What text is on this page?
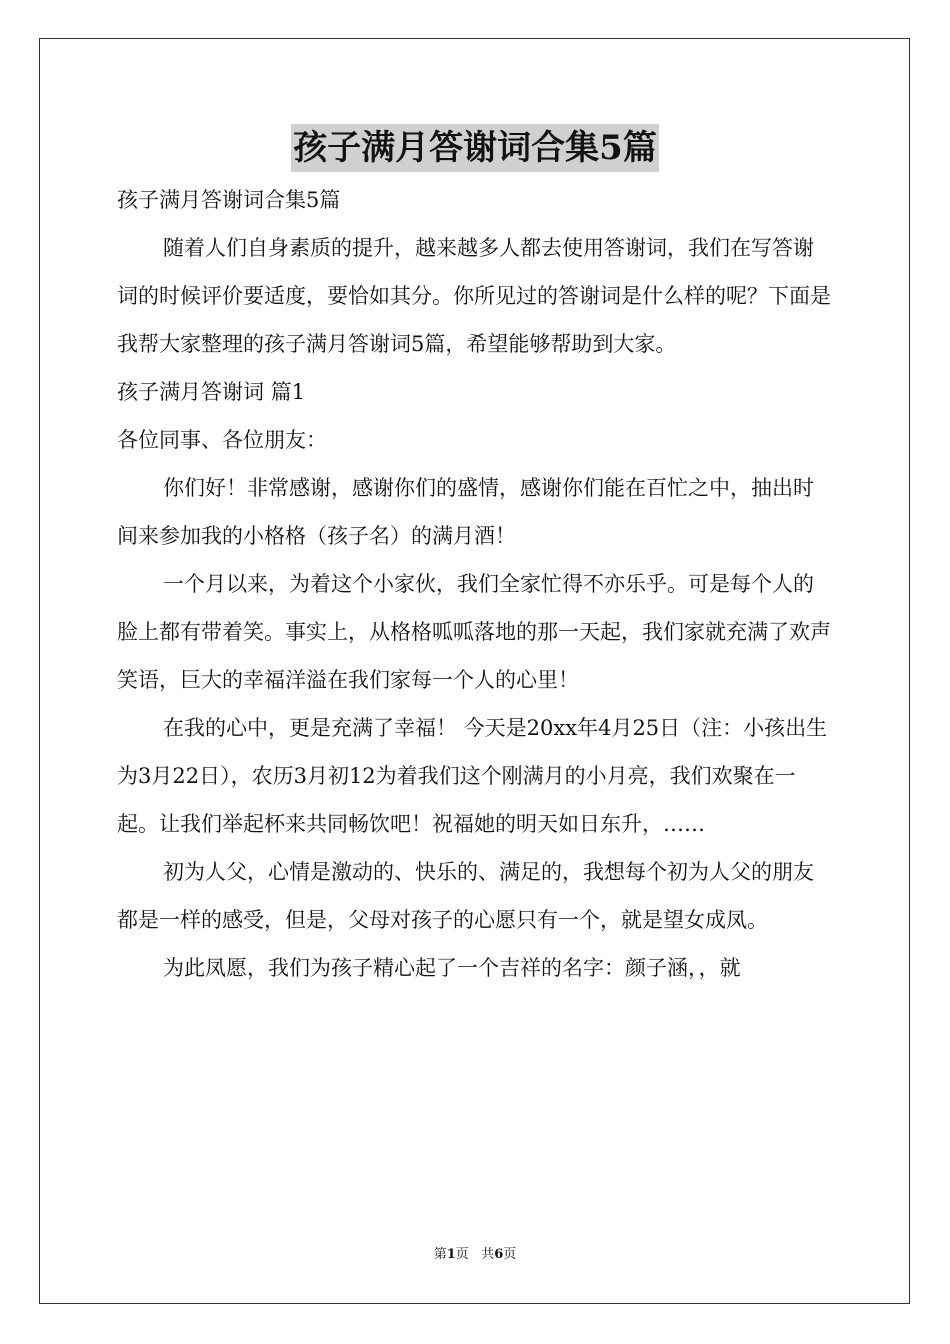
孩子满月答谢词合集5篇

孩子满月答谢词合集5篇

随着人们自身素质的提升，越来越多人都去使用答谢词，我们在写答谢词的时候评价要适度，要恰如其分。你所见过的答谢词是什么样的呢？下面是我帮大家整理的孩子满月答谢词5篇，希望能够帮助到大家。

孩子满月答谢词 篇1

各位同事、各位朋友：

你们好！非常感谢，感谢你们的盛情，感谢你们能在百忙之中，抽出时间来参加我的小格格（孩子名）的满月酒！

一个月以来，为着这个小家伙，我们全家忙得不亦乐乎。可是每个人的脸上都有带着笑。事实上，从格格呱呱落地的那一天起，我们家就充满了欢声笑语，巨大的幸福洋溢在我们家每一个人的心里！

在我的心中，更是充满了幸福！ 今天是20xx年4月25日（注：小孩出生为3月22日），农历3月初12为着我们这个刚满月的小月亮，我们欢聚在一起。让我们举起杯来共同畅饮吧！祝福她的明天如日东升，……

初为人父，心情是激动的、快乐的、满足的，我想每个初为人父的朋友都是一样的感受，但是，父母对孩子的心愿只有一个，就是望女成凤。

为此凤愿，我们为孩子精心起了一个吉祥的名字：颜子涵，，就

第1页 共6页
